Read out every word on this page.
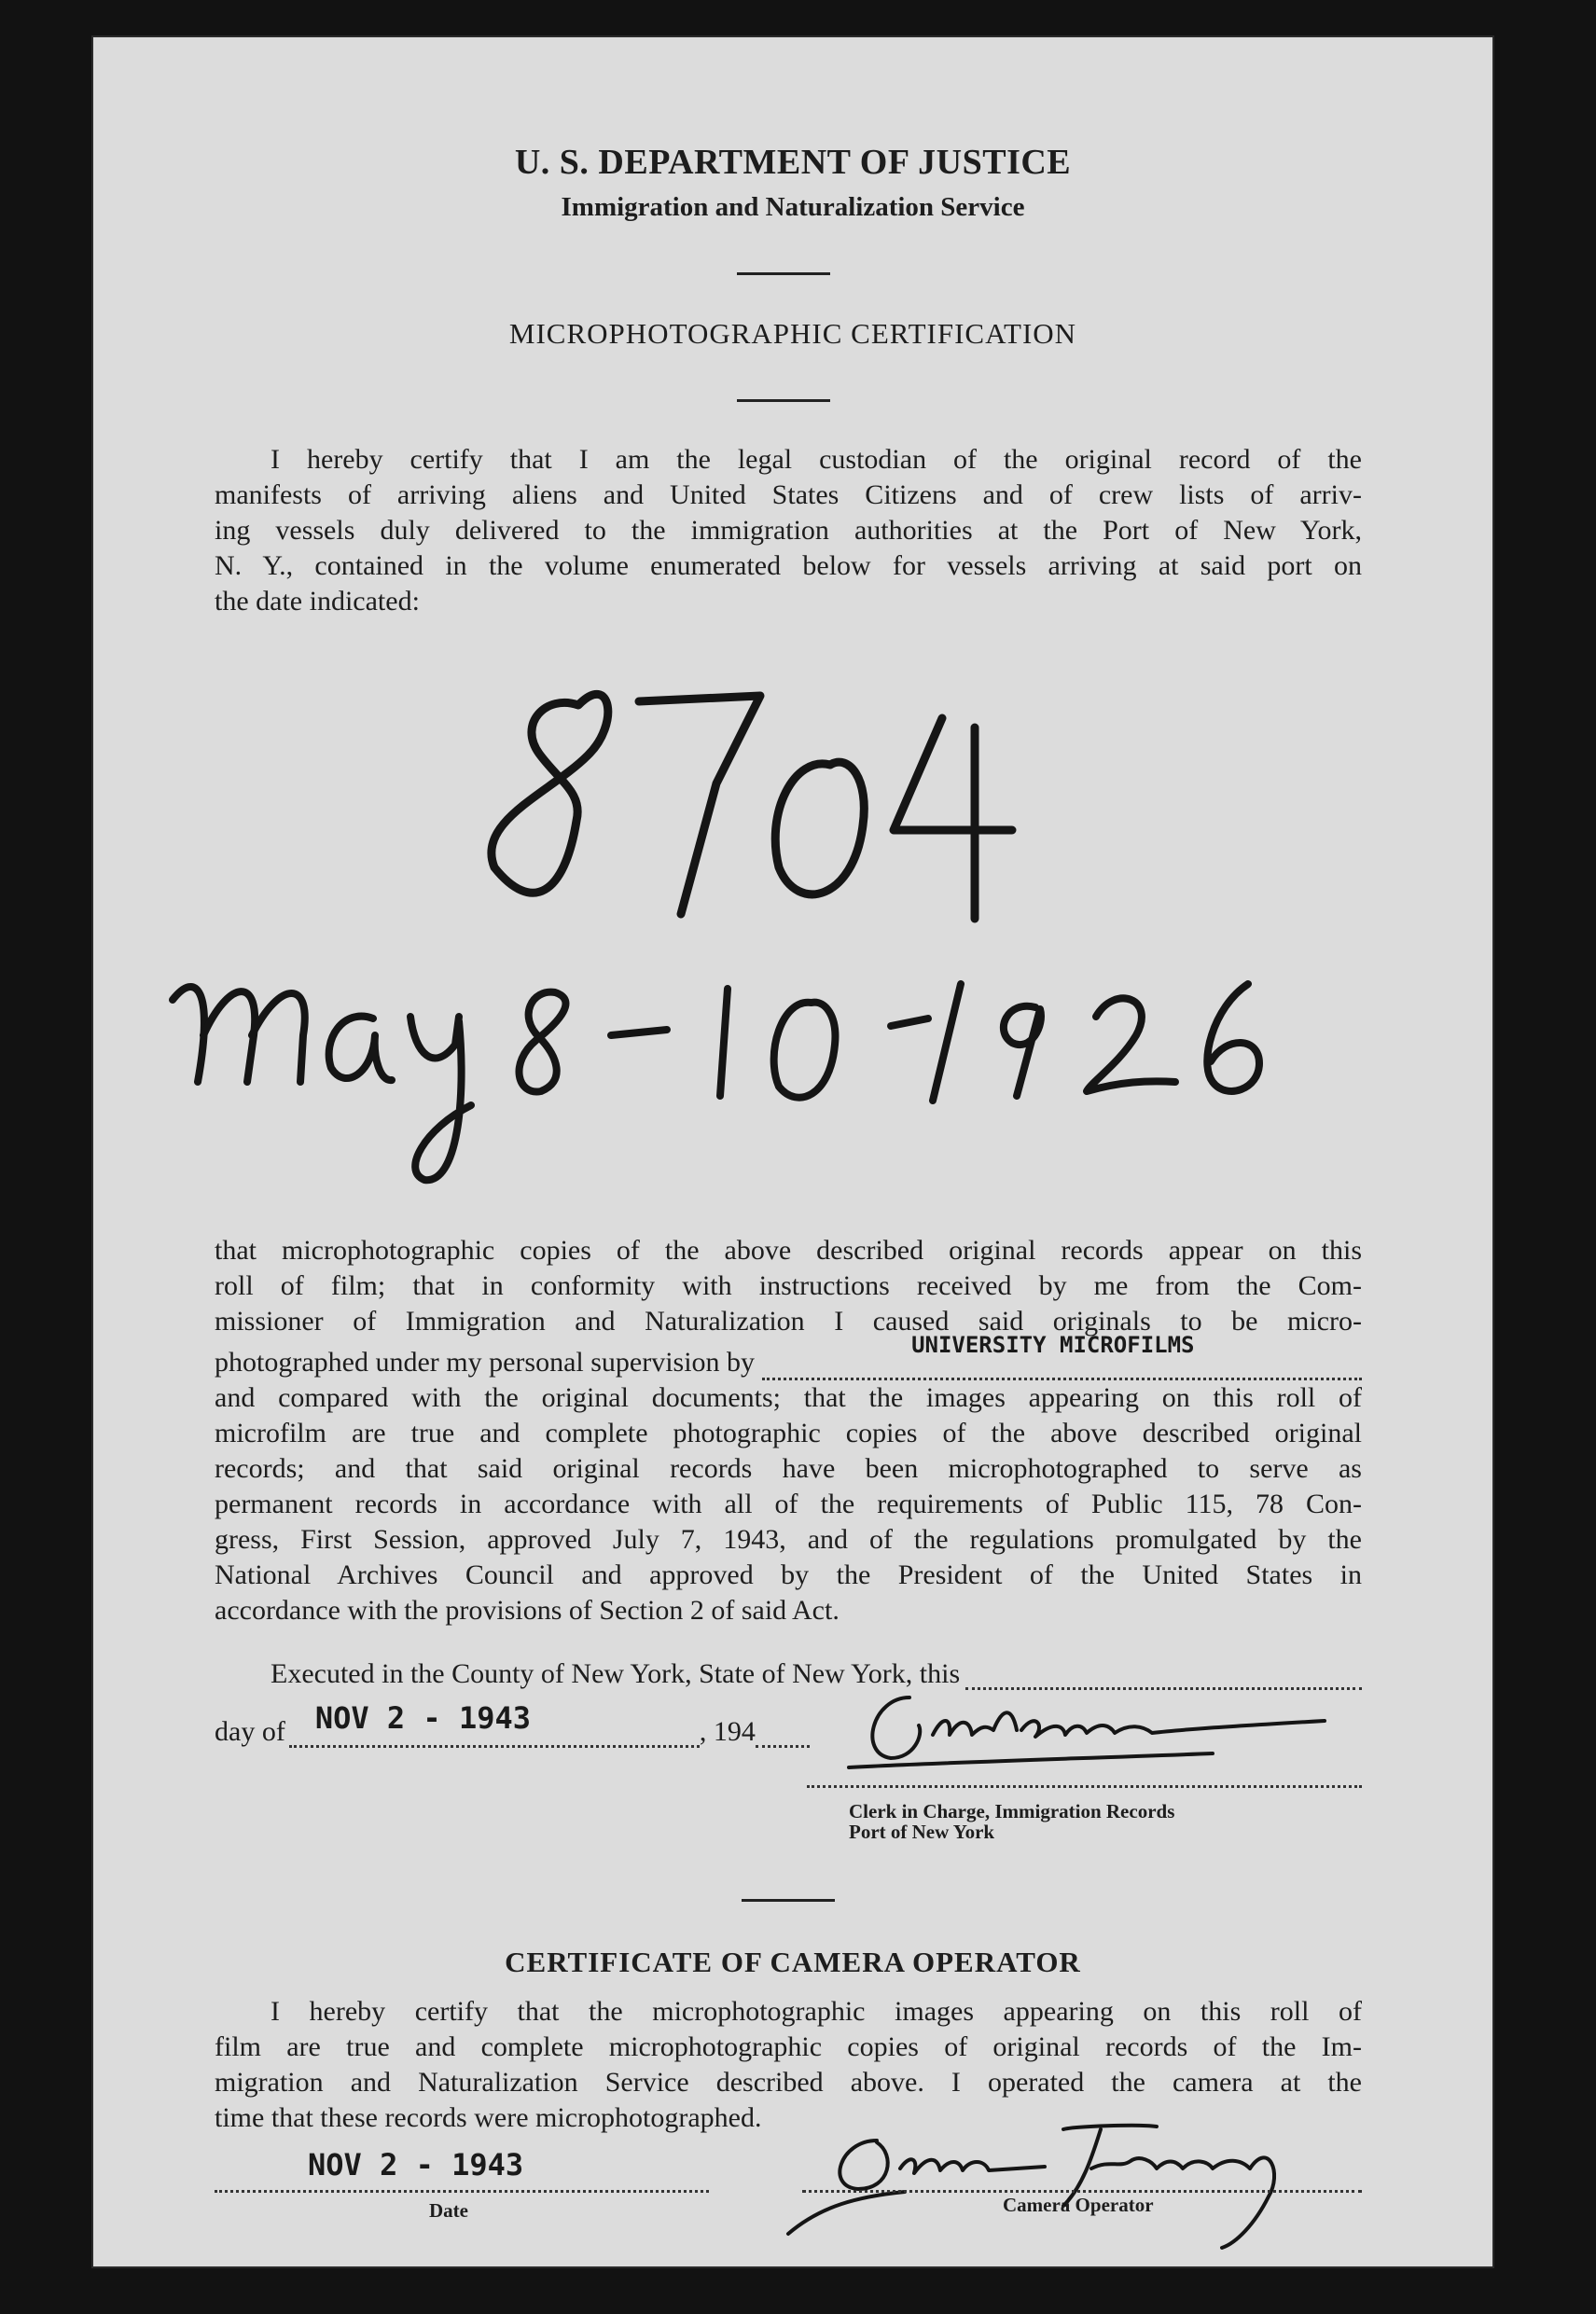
U. S. DEPARTMENT OF JUSTICE
Immigration and Naturalization Service
MICROPHOTOGRAPHIC CERTIFICATION
I hereby certify that I am the legal custodian of the original record of the
manifests of arriving aliens and United States Citizens and of crew lists of arriv-
ing vessels duly delivered to the immigration authorities at the Port of New York,
N. Y., contained in the volume enumerated below for vessels arriving at said port on
the date indicated:
that microphotographic copies of the above described original records appear on this
roll of film; that in conformity with instructions received by me from the Com-
missioner of Immigration and Naturalization I caused said originals to be micro-
photographed under my personal supervision by
UNIVERSITY MICROFILMS
and compared with the original documents; that the images appearing on this roll of
microfilm are true and complete photographic copies of the above described original
records; and that said original records have been microphotographed to serve as
permanent records in accordance with all of the requirements of Public 115, 78 Con-
gress, First Session, approved July 7, 1943, and of the regulations promulgated by the
National Archives Council and approved by the President of the United States in
accordance with the provisions of Section 2 of said Act.
Executed in the County of New York, State of New York, this
day of NOV 2 - 1943	, 194
Clerk in Charge, Immigration Records
Port of New York
CERTIFICATE OF CAMERA OPERATOR
I hereby certify that the microphotographic images appearing on this roll of
film are true and complete microphotographic copies of original records of the Im-
migration and Naturalization Service described above. I operated the camera at the
time that these records were microphotographed.
NOV 2 - 1943
Date	Camera Operator
